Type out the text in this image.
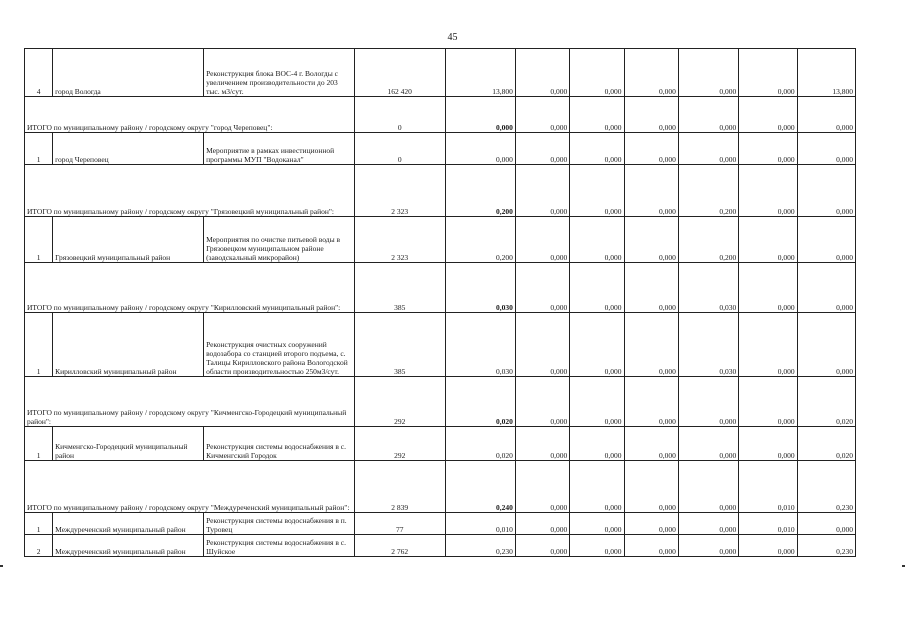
45
4	город Вологда	Реконструкция блока ВОС-4 г. Вологды с увеличением производительности до 203 тыс. м3/сут.	162 420	13,800	0,000	0,000	0,000	0,000	0,000	13,800
ИТОГО по муниципальному району / городскому округу "город Череповец":			0	0,000	0,000	0,000	0,000	0,000	0,000	0,000
1	город Череповец	Мероприятие в рамках инвестиционной программы МУП "Водоканал"	0	0,000	0,000	0,000	0,000	0,000	0,000	0,000
ИТОГО по муниципальному району / городскому округу "Грязовецкий муниципальный район":			2 323	0,200	0,000	0,000	0,000	0,200	0,000	0,000
1	Грязовецкий муниципальный район	Мероприятия по очистке питьевой воды в Грязовецком муниципальном районе (заводскальный микрорайон)	2 323	0,200	0,000	0,000	0,000	0,200	0,000	0,000
ИТОГО по муниципальному району / городскому округу "Кирилловский муниципальный район":			385	0,030	0,000	0,000	0,000	0,030	0,000	0,000
1	Кирилловский муниципальный район	Реконструкция очистных сооружений водозабора со станцией второго подъема, с. Талицы Кирилловского района Вологодской области производительностью 250м3/сут.	385	0,030	0,000	0,000	0,000	0,030	0,000	0,000
ИТОГО по муниципальному району / городскому округу "Кичменгско-Городецкий муниципальный район":			292	0,020	0,000	0,000	0,000	0,000	0,000	0,020
1	Кичменгско-Городецкий муниципальный район	Реконструкция системы водоснабжения в с. Кичменгский Городок	292	0,020	0,000	0,000	0,000	0,000	0,000	0,020
ИТОГО по муниципальному району / городскому округу "Междуреченский муниципальный район":			2 839	0,240	0,000	0,000	0,000	0,000	0,010	0,230
1	Междуреченский муниципальный район	Реконструкция системы водоснабжения в п. Туровец	77	0,010	0,000	0,000	0,000	0,000	0,010	0,000
2	Междуреченский муниципальный район	Реконструкция системы водоснабжения в с. Шуйское	2 762	0,230	0,000	0,000	0,000	0,000	0,000	0,230
